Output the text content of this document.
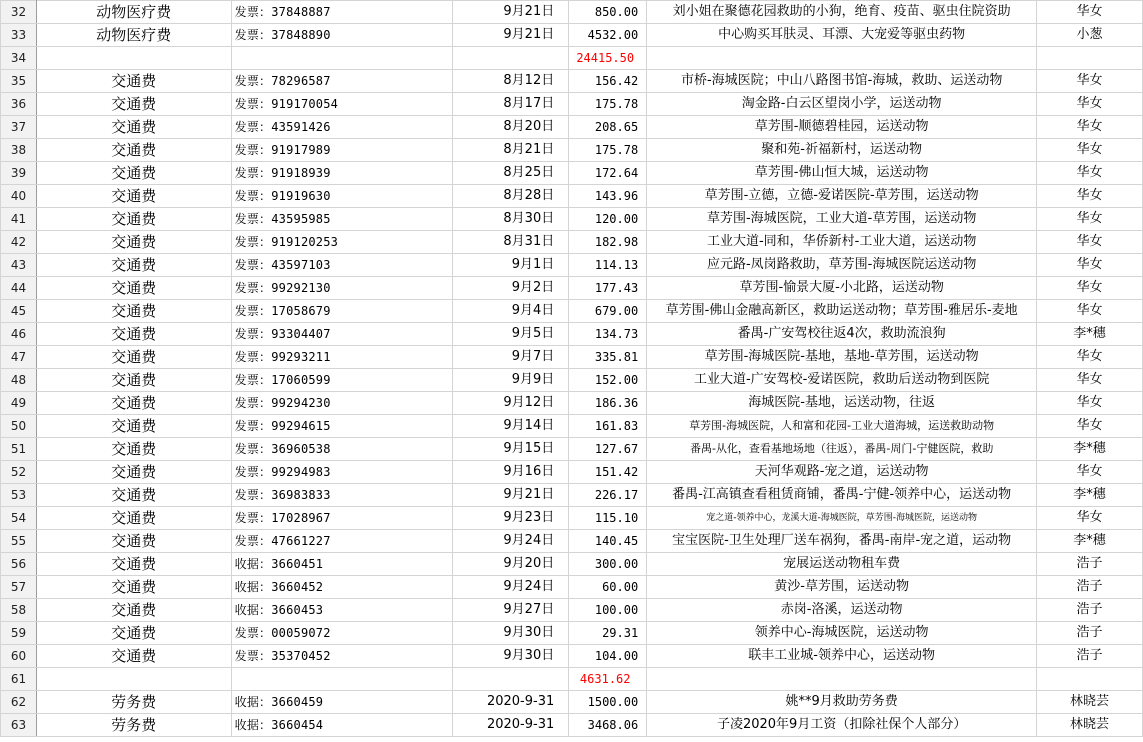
32	动物医疗费	发票：37848887	9月21日	850.00	刘小姐在聚德花园救助的小狗，绝育、疫苗、驱虫住院资助	华女
33	动物医疗费	发票：37848890	9月21日	4532.00	中心购买耳肤灵、耳漂、大宠爱等驱虫药物	小葱
34				24415.50		
35	交通费	发票：78296587	8月12日	156.42	市桥-海城医院；中山八路图书馆-海城，救助、运送动物	华女
36	交通费	发票：919170054	8月17日	175.78	淘金路-白云区望岗小学，运送动物	华女
37	交通费	发票：43591426	8月20日	208.65	草芳围-顺德碧桂园，运送动物	华女
38	交通费	发票：91917989	8月21日	175.78	聚和苑-祈福新村，运送动物	华女
39	交通费	发票：91918939	8月25日	172.64	草芳围-佛山恒大城，运送动物	华女
40	交通费	发票：91919630	8月28日	143.96	草芳围-立德，立德-爱诺医院-草芳围，运送动物	华女
41	交通费	发票：43595985	8月30日	120.00	草芳围-海城医院，工业大道-草芳围，运送动物	华女
42	交通费	发票：919120253	8月31日	182.98	工业大道-同和，华侨新村-工业大道，运送动物	华女
43	交通费	发票：43597103	9月1日	114.13	应元路-凤岗路救助，草芳围-海城医院运送动物	华女
44	交通费	发票：99292130	9月2日	177.43	草芳围-愉景大厦-小北路，运送动物	华女
45	交通费	发票：17058679	9月4日	679.00	草芳围-佛山金融高新区，救助运送动物；草芳围-雅居乐-麦地	华女
46	交通费	发票：93304407	9月5日	134.73	番禺-广安驾校往返4次，救助流浪狗	李*穗
47	交通费	发票：99293211	9月7日	335.81	草芳围-海城医院-基地，基地-草芳围，运送动物	华女
48	交通费	发票：17060599	9月9日	152.00	工业大道-广安驾校-爱诺医院，救助后送动物到医院	华女
49	交通费	发票：99294230	9月12日	186.36	海城医院-基地，运送动物，往返	华女
50	交通费	发票：99294615	9月14日	161.83	草芳围-海城医院，人和富和花园-工业大道海城，运送救助动物	华女
51	交通费	发票：36960538	9月15日	127.67	番禺-从化，查看基地场地（往返），番禺-周门-宁健医院，救助	李*穗
52	交通费	发票：99294983	9月16日	151.42	天河华观路-宠之道，运送动物	华女
53	交通费	发票：36983833	9月21日	226.17	番禺-江高镇查看租赁商铺，番禺-宁健-领养中心，运送动物	李*穗
54	交通费	发票：17028967	9月23日	115.10	宠之道-领养中心，龙溪大道-海城医院，草芳围-海城医院，运送动物	华女
55	交通费	发票：47661227	9月24日	140.45	宝宝医院-卫生处理厂送车祸狗，番禺-南岸-宠之道，运动物	李*穗
56	交通费	收据：3660451	9月20日	300.00	宠展运送动物租车费	浩子
57	交通费	收据：3660452	9月24日	60.00	黄沙-草芳围，运送动物	浩子
58	交通费	收据：3660453	9月27日	100.00	赤岗-洛溪，运送动物	浩子
59	交通费	发票：00059072	9月30日	29.31	领养中心-海城医院，运送动物	浩子
60	交通费	发票：35370452	9月30日	104.00	联丰工业城-领养中心，运送动物	浩子
61				4631.62		
62	劳务费	收据：3660459	2020-9-31	1500.00	姚**9月救助劳务费	林晓芸
63	劳务费	收据：3660454	2020-9-31	3468.06	子凌2020年9月工资（扣除社保个人部分）	林晓芸
